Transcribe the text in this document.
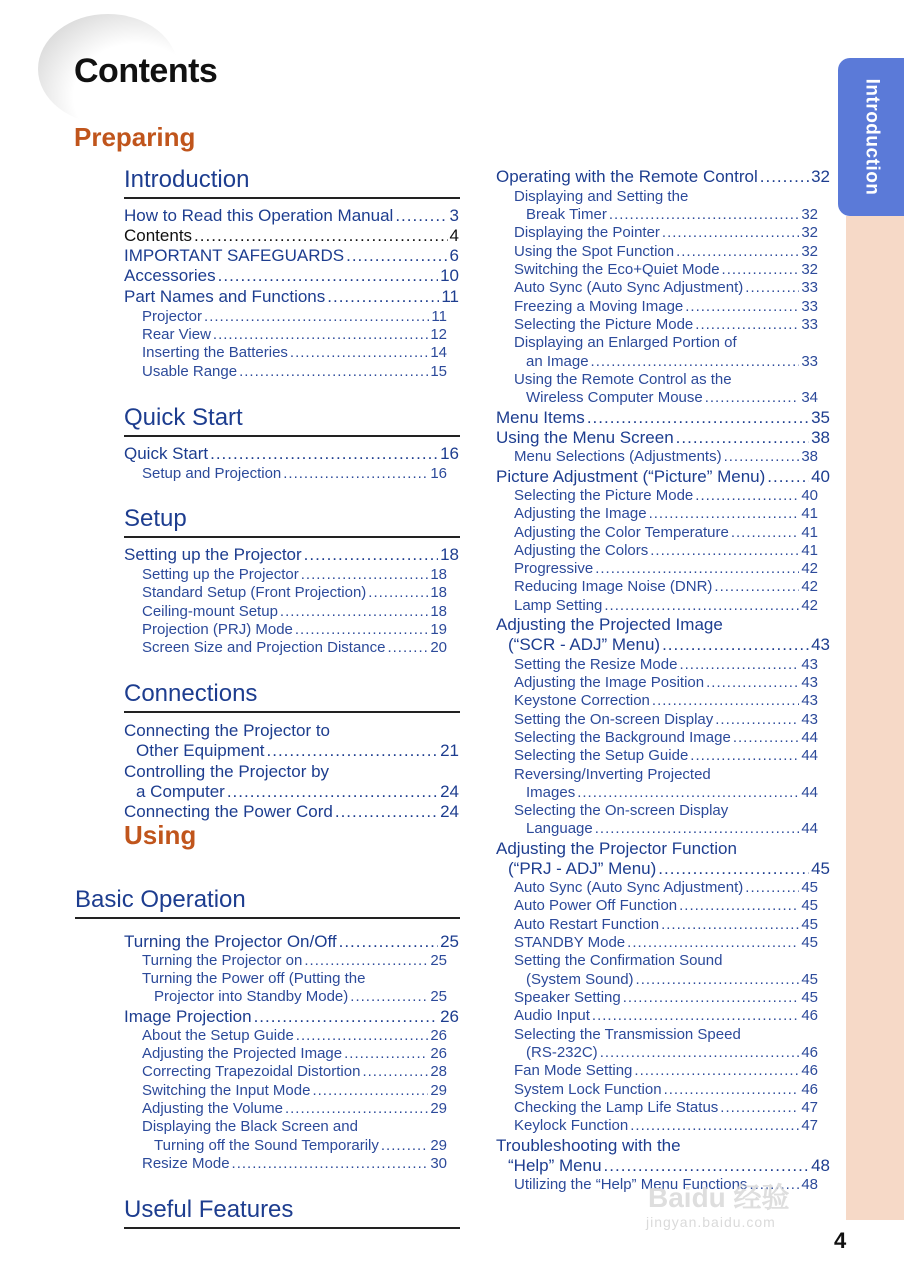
Contents
Preparing	Introduction
Introduction
How to Read this Operation Manual .....	3
Contents .....	4
IMPORTANT SAFEGUARDS .....	6
Accessories .....	10
Part Names and Functions .....	11
Projector .....	11
Rear View .....	12
Inserting the Batteries .....	14
Usable Range .....	15
Quick Start
Quick Start .....	16
Setup and Projection .....	16
Setup
Setting up the Projector .....	18
Setting up the Projector .....	18
Standard Setup (Front Projection) .....	18
Ceiling-mount Setup .....	18
Projection (PRJ) Mode .....	19
Screen Size and Projection Distance .....	20
Connections
Connecting the Projector to
Other Equipment .....	21
Controlling the Projector by
a Computer .....	24
Connecting the Power Cord .....	24
Using
Basic Operation
Turning the Projector On/Off .....	25
Turning the Projector on .....	25
Turning the Power off (Putting the
Projector into Standby Mode) .....	25
Image Projection .....	26
About the Setup Guide .....	26
Adjusting the Projected Image .....	26
Correcting Trapezoidal Distortion .....	28
Switching the Input Mode .....	29
Adjusting the Volume .....	29
Displaying the Black Screen and
Turning off the Sound Temporarily .....	29
Resize Mode .....	30
Useful Features
Operating with the Remote Control .....	32
Displaying and Setting the
Break Timer .....	32
Displaying the Pointer .....	32
Using the Spot Function .....	32
Switching the Eco+Quiet Mode .....	32
Auto Sync (Auto Sync Adjustment) .....	33
Freezing a Moving Image .....	33
Selecting the Picture Mode .....	33
Displaying an Enlarged Portion of
an Image .....	33
Using the Remote Control as the
Wireless Computer Mouse .....	34
Menu Items .....	35
Using the Menu Screen .....	38
Menu Selections (Adjustments) .....	38
Picture Adjustment (“Picture” Menu) .....	40
Selecting the Picture Mode .....	40
Adjusting the Image .....	41
Adjusting the Color Temperature .....	41
Adjusting the Colors .....	41
Progressive .....	42
Reducing Image Noise (DNR) .....	42
Lamp Setting .....	42
Adjusting the Projected Image
(“SCR - ADJ” Menu) .....	43
Setting the Resize Mode .....	43
Adjusting the Image Position .....	43
Keystone Correction .....	43
Setting the On-screen Display .....	43
Selecting the Background Image .....	44
Selecting the Setup Guide .....	44
Reversing/Inverting Projected
Images .....	44
Selecting the On-screen Display
Language .....	44
Adjusting the Projector Function
(“PRJ - ADJ” Menu) .....	45
Auto Sync (Auto Sync Adjustment) .....	45
Auto Power Off Function .....	45
Auto Restart Function .....	45
STANDBY Mode .....	45
Setting the Confirmation Sound
(System Sound) .....	45
Speaker Setting .....	45
Audio Input .....	46
Selecting the Transmission Speed
(RS-232C) .....	46
Fan Mode Setting .....	46
System Lock Function .....	46
Checking the Lamp Life Status .....	47
Keylock Function .....	47
Troubleshooting with the
“Help” Menu .....	48
Utilizing the “Help” Menu Functions .....	48
Baidu 经验
jingyan.baidu.com
4
